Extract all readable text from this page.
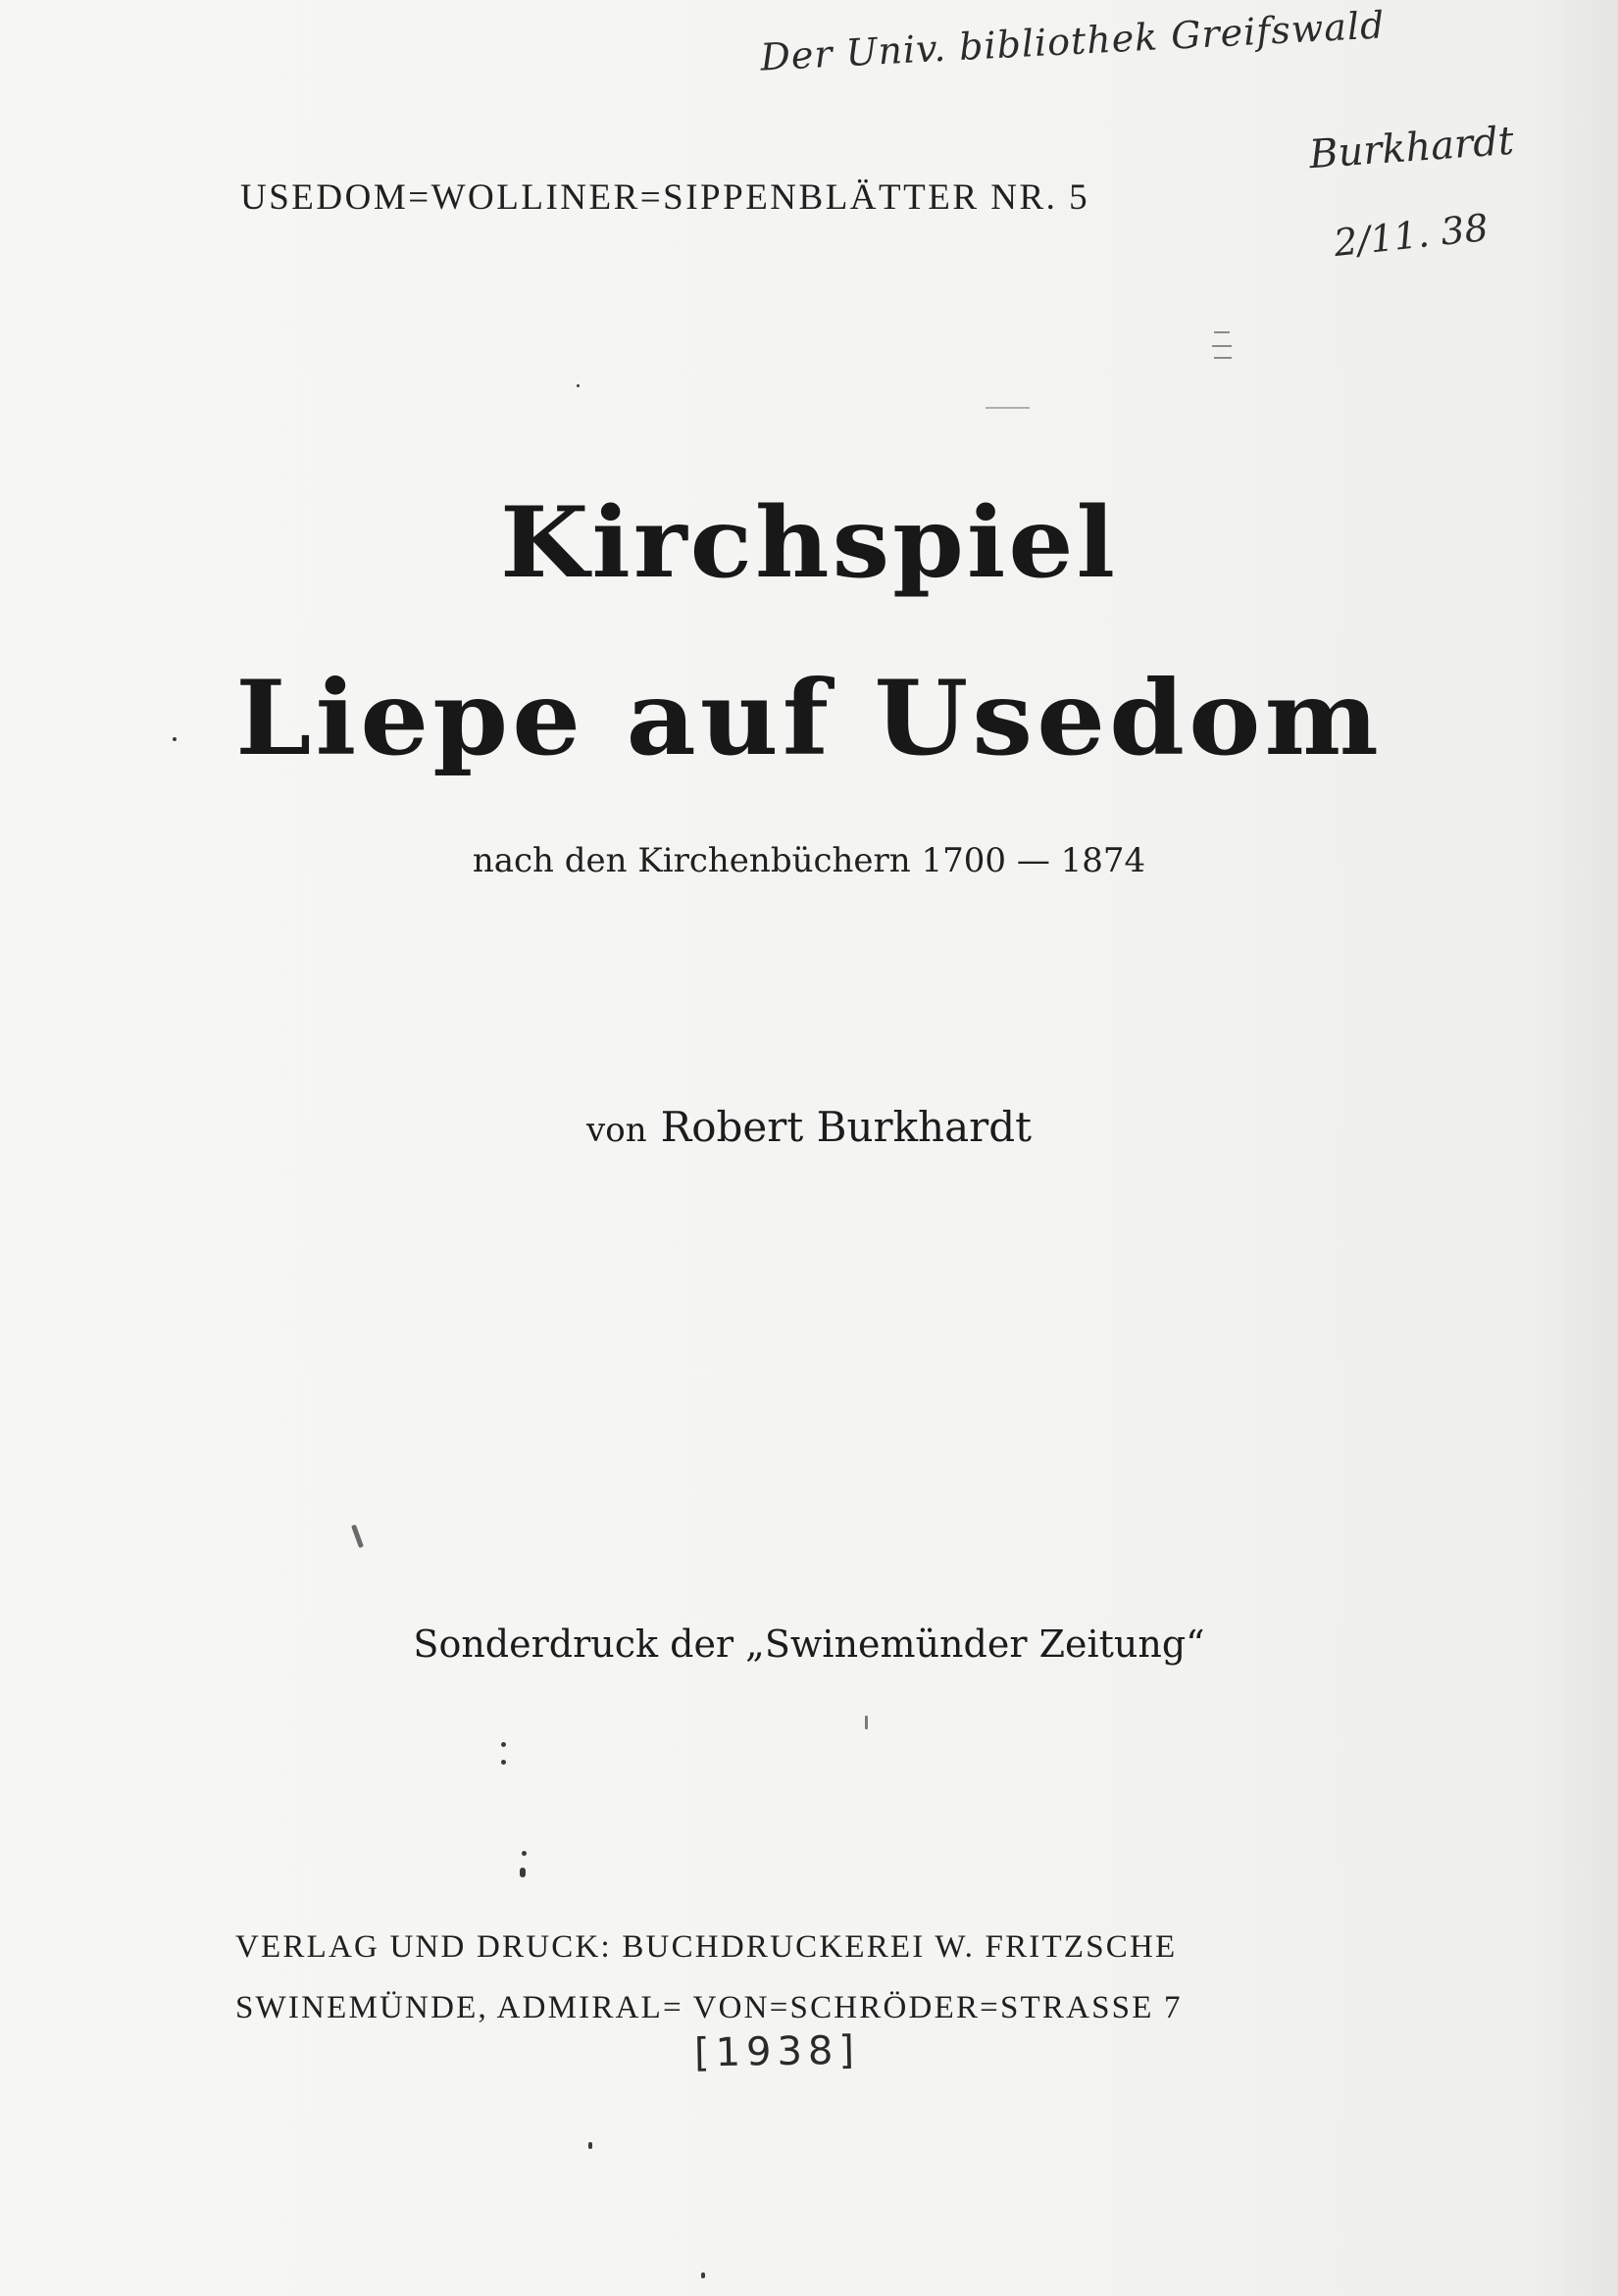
Der Univ. bibliothek Greifswald
Burkhardt
2/11. 38
USEDOM=WOLLINER=SIPPENBLÄTTER NR. 5
Kirchspiel
Liepe auf Usedom
nach den Kirchenbüchern 1700 — 1874
von Robert Burkhardt
Sonderdruck der „Swinemünder Zeitung“
VERLAG UND DRUCK: BUCHDRUCKEREI W. FRITZSCHE
SWINEMÜNDE, ADMIRAL= VON=SCHRÖDER=STRASSE 7
[1938]
